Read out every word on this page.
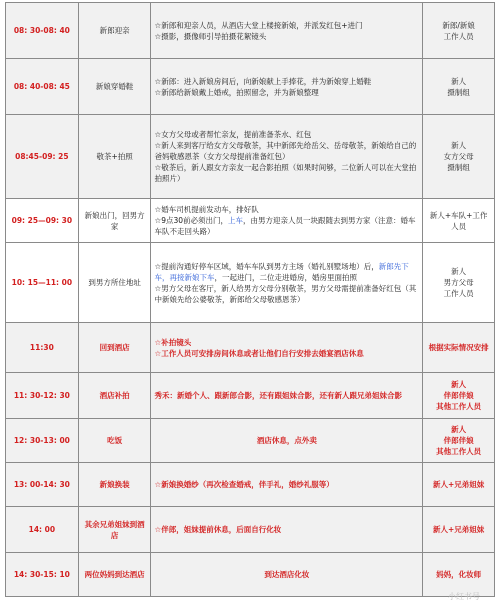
08: 30-08: 40	新郎迎亲	☆新郎和迎亲人员，从酒店大堂上楼接新娘，并派发红包+进门
☆摄影，摄像师引导拍摄花絮镜头	新郎/新娘
工作人员
08: 40-08: 45	新娘穿婚鞋	☆新郎：进入新娘房间后，向新娘献上手捧花，并为新娘穿上婚鞋
☆新郎给新娘戴上婚戒，拍照留念，并为新娘整理	新人
摄制组
08:45-09: 25	敬茶+拍照	☆女方父母或者帮忙亲友，提前准备茶水、红包
☆新人来到客厅给女方父母敬茶，其中新郎先给岳父、岳母敬茶，新娘给自己的爸妈敬感恩茶（女方父母提前准备红包）
☆敬茶后，新人跟女方亲友一起合影拍照（如果时间够，二位新人可以在大堂拍拍照片）	新人
女方父母
摄制组
09: 25—09: 30	新娘出门，回男方家	☆婚车司机提前发动车，排好队
☆9点30前必须出门，上车，由男方迎亲人员一块跟随去到男方家（注意：婚车车队不走回头路）	新人+车队+工作人员
10: 15—11: 00	到男方所住地址	☆提前沟通好停车区域，婚车车队到男方主场（婚礼别墅场地）后，新郎先下车，再接新娘下车，一起进门，二位走进婚房，婚房里面拍照
☆男方父母在客厅，新人给男方父母分别敬茶，男方父母需提前准备好红包（其中新娘先给公婆敬茶，新郎给父母敬感恩茶）	新人
男方父母
工作人员
11:30	回到酒店	☆补拍镜头
☆工作人员可安排房间休息或者让他们自行安排去婚宴酒店休息	根据实际情况安排
11: 30-12: 30	酒店补拍	秀禾：新婚个人、跟新郎合影，还有跟姐妹合影，还有新人跟兄弟姐妹合影	新人
伴郎伴娘
其他工作人员
12: 30-13: 00	吃饭	酒店休息，点外卖	新人
伴郎伴娘
其他工作人员
13: 00-14: 30	新娘换装	☆新娘换婚纱（再次检查婚戒，伴手礼，婚纱礼服等）	新人+兄弟姐妹
14: 00	其余兄弟姐妹到酒店	☆伴郎，姐妹提前休息，后面自行化妆	新人+兄弟姐妹
14: 30-15: 10	两位妈妈到达酒店	到达酒店化妆	妈妈，化妆师
小红书号
